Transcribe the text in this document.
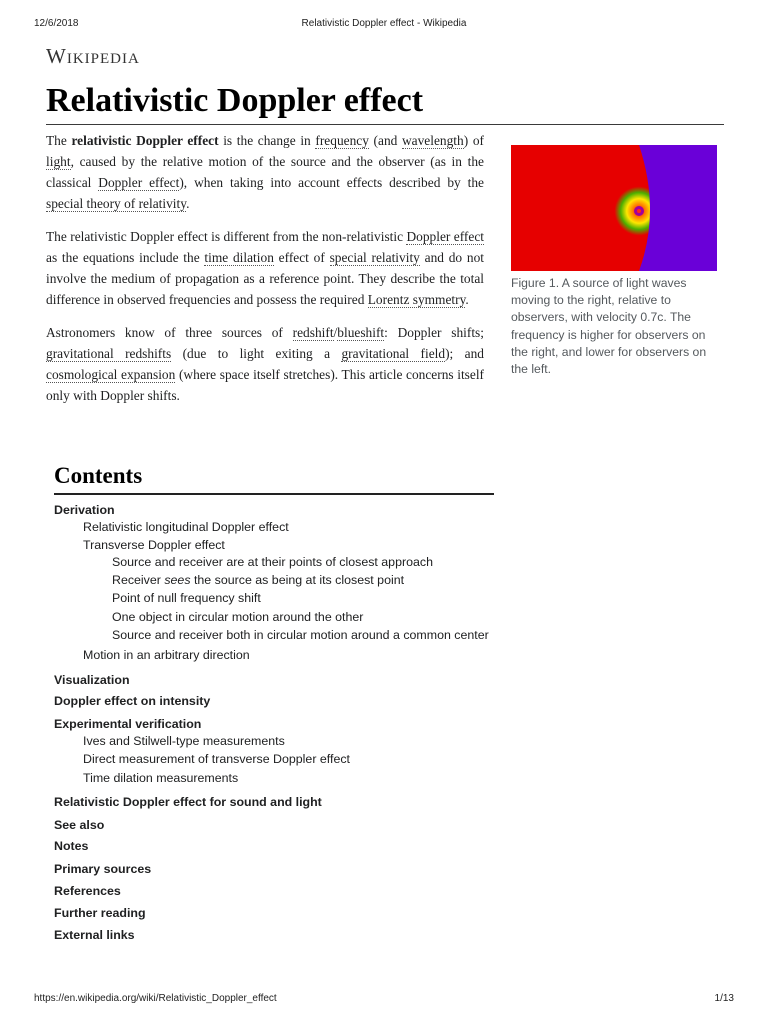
12/6/2018	Relativistic Doppler effect - Wikipedia
Wikipedia
Relativistic Doppler effect

The relativistic Doppler effect is the change in frequency (and wavelength) of light, caused by the relative motion of the source and the observer (as in the classical Doppler effect), when taking into account effects described by the special theory of relativity.

The relativistic Doppler effect is different from the non-relativistic Doppler effect as the equations include the time dilation effect of special relativity and do not involve the medium of propagation as a reference point. They describe the total difference in observed frequencies and possess the required Lorentz symmetry.

Astronomers know of three sources of redshift/blueshift: Doppler shifts; gravitational redshifts (due to light exiting a gravitational field); and cosmological expansion (where space itself stretches). This article concerns itself only with Doppler shifts.

Figure 1. A source of light waves moving to the right, relative to observers, with velocity 0.7c. The frequency is higher for observers on the right, and lower for observers on the left.
Contents
Derivation
Relativistic longitudinal Doppler effect
Transverse Doppler effect
Source and receiver are at their points of closest approach
Receiver sees the source as being at its closest point
Point of null frequency shift
One object in circular motion around the other
Source and receiver both in circular motion around a common center
Motion in an arbitrary direction
Visualization
Doppler effect on intensity
Experimental verification
Ives and Stilwell-type measurements
Direct measurement of transverse Doppler effect
Time dilation measurements
Relativistic Doppler effect for sound and light
See also
Notes
Primary sources
References
Further reading
External links
https://en.wikipedia.org/wiki/Relativistic_Doppler_effect	1/13
